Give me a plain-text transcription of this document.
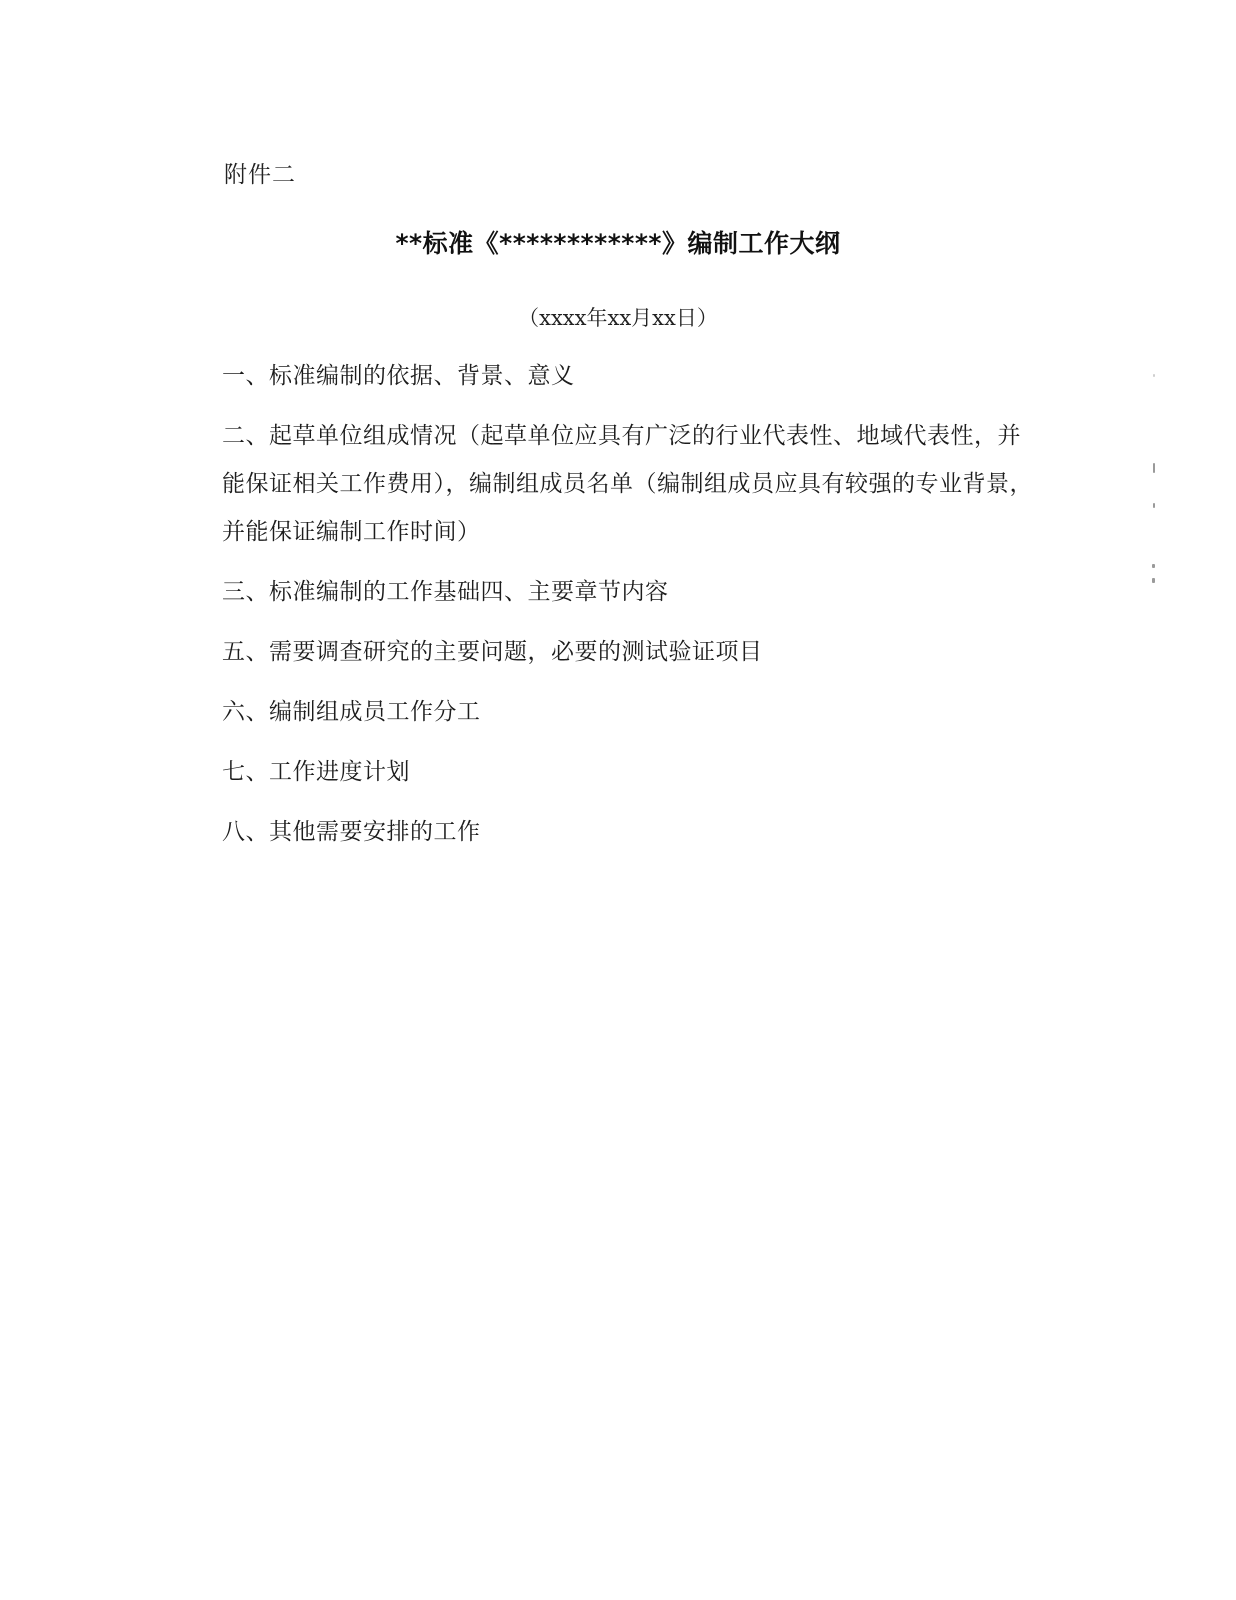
附件二
**标准《************》编制工作大纲
（xxxx年xx月xx日）
一、标准编制的依据、背景、意义
二、起草单位组成情况（起草单位应具有广泛的行业代表性、地域代表性，并能保证相关工作费用），编制组成员名单（编制组成员应具有较强的专业背景，并能保证编制工作时间）
三、标准编制的工作基础四、主要章节内容
五、需要调查研究的主要问题，必要的测试验证项目
六、编制组成员工作分工
七、工作进度计划
八、其他需要安排的工作
